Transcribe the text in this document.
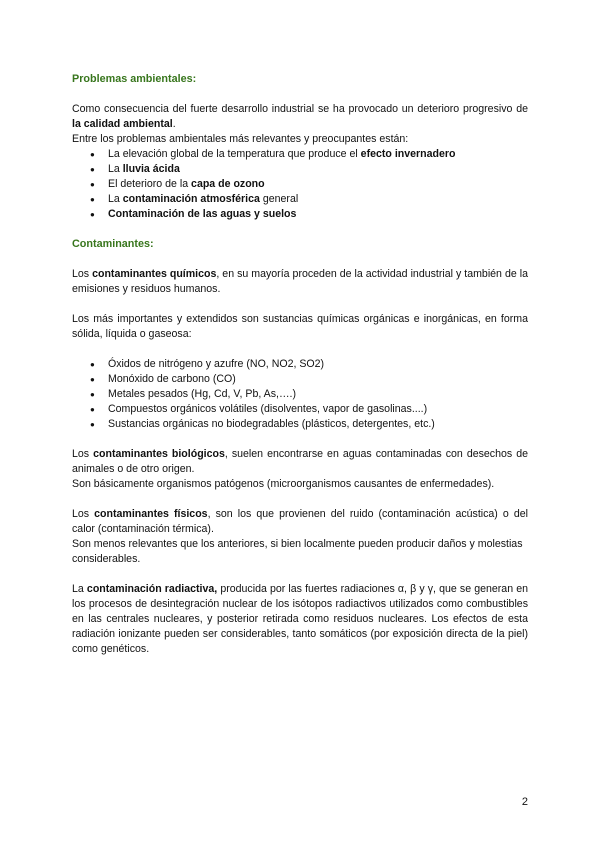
Problemas ambientales:

Como consecuencia del fuerte desarrollo industrial se ha provocado un deterioro progresivo de la calidad ambiental.

Entre los problemas ambientales más relevantes y preocupantes están:

● La elevación global de la temperatura que produce el efecto invernadero
● La lluvia ácida
● El deterioro de la capa de ozono
● La contaminación atmosférica general
● Contaminación de las aguas y suelos
Contaminantes:

Los contaminantes químicos, en su mayoría proceden de la actividad industrial y también de la emisiones y residuos humanos.

Los más importantes y extendidos son sustancias químicas orgánicas e inorgánicas, en forma sólida, líquida o gaseosa:

● Óxidos de nitrógeno y azufre (NO, NO2, SO2)
● Monóxido de carbono (CO)
● Metales pesados (Hg, Cd, V, Pb, As,….)
● Compuestos orgánicos volátiles (disolventes, vapor de gasolinas....)
● Sustancias orgánicas no biodegradables (plásticos, detergentes, etc.)

Los contaminantes biológicos, suelen encontrarse en aguas contaminadas con desechos de animales o de otro origen.

Son básicamente organismos patógenos (microorganismos causantes de enfermedades).

Los contaminantes físicos, son los que provienen del ruido (contaminación acústica) o del calor (contaminación térmica).

Son menos relevantes que los anteriores, si bien localmente pueden producir daños y molestias considerables.

La contaminación radiactiva, producida por las fuertes radiaciones α, β y γ, que se generan en los procesos de desintegración nuclear de los isótopos radiactivos utilizados como combustibles en las centrales nucleares, y posterior retirada como residuos nucleares. Los efectos de esta radiación ionizante pueden ser considerables, tanto somáticos (por exposición directa de la piel) como genéticos.

2
